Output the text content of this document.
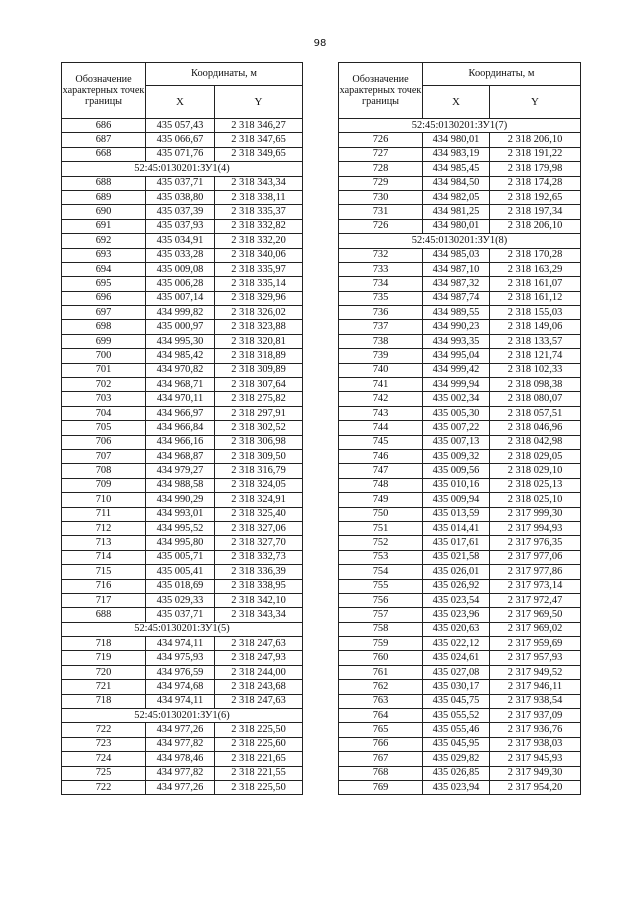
98
Обозначение характерных точек границы	Координаты, м	
	X	Y
686	435 057,43	2 318 346,27
687	435 066,67	2 318 347,65
668	435 071,76	2 318 349,65
52:45:0130201:ЗУ1(4)		
688	435 037,71	2 318 343,34
689	435 038,80	2 318 338,11
690	435 037,39	2 318 335,37
691	435 037,93	2 318 332,82
692	435 034,91	2 318 332,20
693	435 033,28	2 318 340,06
694	435 009,08	2 318 335,97
695	435 006,28	2 318 335,14
696	435 007,14	2 318 329,96
697	434 999,82	2 318 326,02
698	435 000,97	2 318 323,88
699	434 995,30	2 318 320,81
700	434 985,42	2 318 318,89
701	434 970,82	2 318 309,89
702	434 968,71	2 318 307,64
703	434 970,11	2 318 275,82
704	434 966,97	2 318 297,91
705	434 966,84	2 318 302,52
706	434 966,16	2 318 306,98
707	434 968,87	2 318 309,50
708	434 979,27	2 318 316,79
709	434 988,58	2 318 324,05
710	434 990,29	2 318 324,91
711	434 993,01	2 318 325,40
712	434 995,52	2 318 327,06
713	434 995,80	2 318 327,70
714	435 005,71	2 318 332,73
715	435 005,41	2 318 336,39
716	435 018,69	2 318 338,95
717	435 029,33	2 318 342,10
688	435 037,71	2 318 343,34
52:45:0130201:ЗУ1(5)		
718	434 974,11	2 318 247,63
719	434 975,93	2 318 247,93
720	434 976,59	2 318 244,00
721	434 974,68	2 318 243,68
718	434 974,11	2 318 247,63
52:45:0130201:ЗУ1(6)		
722	434 977,26	2 318 225,50
723	434 977,82	2 318 225,60
724	434 978,46	2 318 221,65
725	434 977,82	2 318 221,55
722	434 977,26	2 318 225,50
Обозначение характерных точек границы	Координаты, м	
	X	Y
52:45:0130201:ЗУ1(7)		
726	434 980,01	2 318 206,10
727	434 983,19	2 318 191,22
728	434 985,45	2 318 179,98
729	434 984,50	2 318 174,28
730	434 982,05	2 318 192,65
731	434 981,25	2 318 197,34
726	434 980,01	2 318 206,10
52:45:0130201:ЗУ1(8)		
732	434 985,03	2 318 170,28
733	434 987,10	2 318 163,29
734	434 987,32	2 318 161,07
735	434 987,74	2 318 161,12
736	434 989,55	2 318 155,03
737	434 990,23	2 318 149,06
738	434 993,35	2 318 133,57
739	434 995,04	2 318 121,74
740	434 999,42	2 318 102,33
741	434 999,94	2 318 098,38
742	435 002,34	2 318 080,07
743	435 005,30	2 318 057,51
744	435 007,22	2 318 046,96
745	435 007,13	2 318 042,98
746	435 009,32	2 318 029,05
747	435 009,56	2 318 029,10
748	435 010,16	2 318 025,13
749	435 009,94	2 318 025,10
750	435 013,59	2 317 999,30
751	435 014,41	2 317 994,93
752	435 017,61	2 317 976,35
753	435 021,58	2 317 977,06
754	435 026,01	2 317 977,86
755	435 026,92	2 317 973,14
756	435 023,54	2 317 972,47
757	435 023,96	2 317 969,50
758	435 020,63	2 317 969,02
759	435 022,12	2 317 959,69
760	435 024,61	2 317 957,93
761	435 027,08	2 317 949,52
762	435 030,17	2 317 946,11
763	435 045,75	2 317 938,54
764	435 055,52	2 317 937,09
765	435 055,46	2 317 936,76
766	435 045,95	2 317 938,03
767	435 029,82	2 317 945,93
768	435 026,85	2 317 949,30
769	435 023,94	2 317 954,20
